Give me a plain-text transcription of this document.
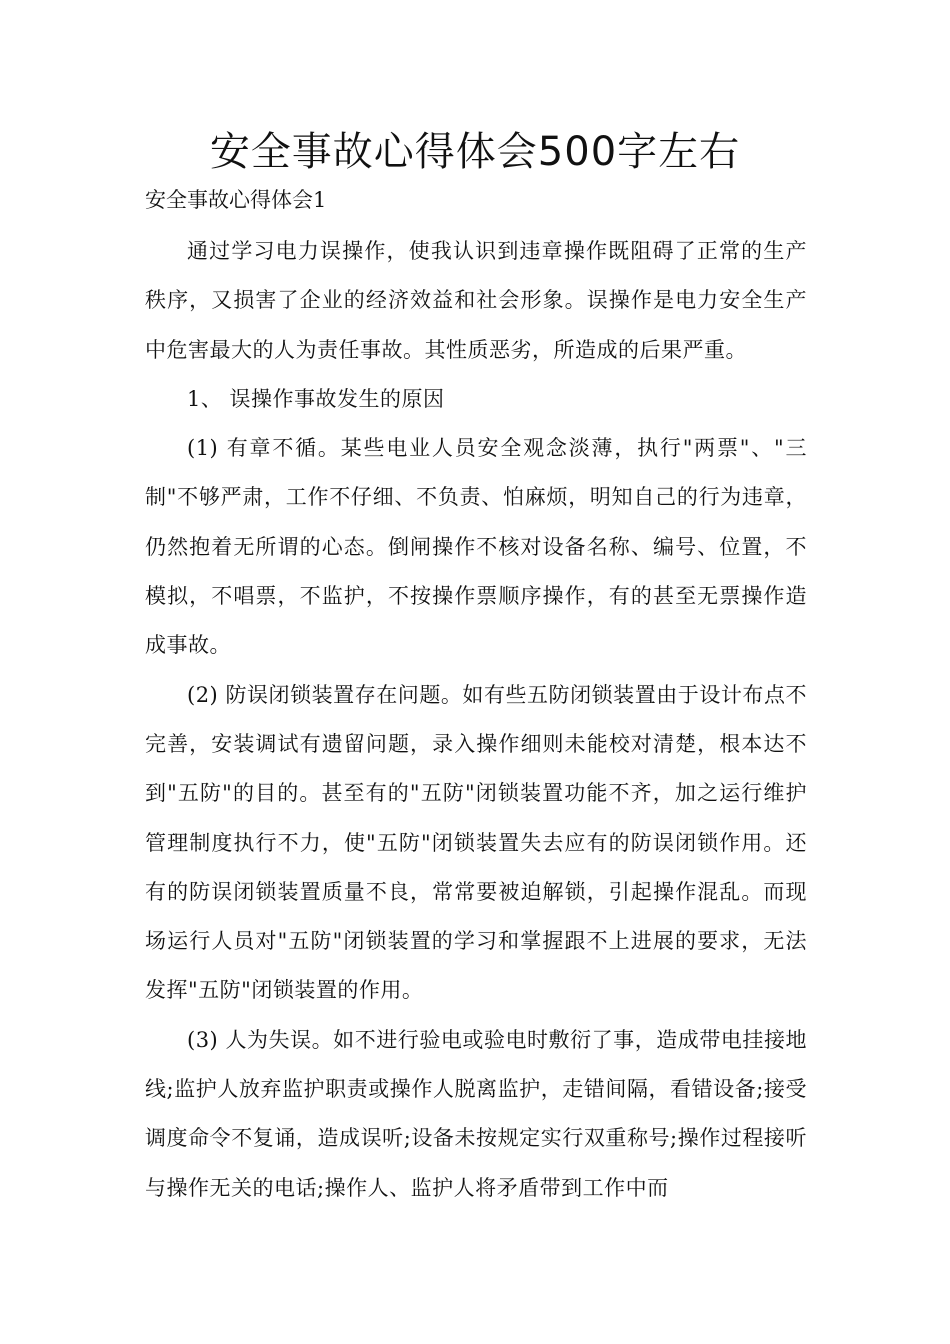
安全事故心得体会500字左右
安全事故心得体会1

通过学习电力误操作，使我认识到违章操作既阻碍了正常的生产秩序，又损害了企业的经济效益和社会形象。误操作是电力安全生产中危害最大的人为责任事故。其性质恶劣，所造成的后果严重。

1、 误操作事故发生的原因

(1) 有章不循。某些电业人员安全观念淡薄，执行"两票"、"三制"不够严肃，工作不仔细、不负责、怕麻烦，明知自己的行为违章，仍然抱着无所谓的心态。倒闸操作不核对设备名称、编号、位置，不模拟，不唱票，不监护，不按操作票顺序操作，有的甚至无票操作造成事故。

(2) 防误闭锁装置存在问题。如有些五防闭锁装置由于设计布点不完善，安装调试有遗留问题，录入操作细则未能校对清楚，根本达不到"五防"的目的。甚至有的"五防"闭锁装置功能不齐，加之运行维护管理制度执行不力，使"五防"闭锁装置失去应有的防误闭锁作用。还有的防误闭锁装置质量不良，常常要被迫解锁，引起操作混乱。而现场运行人员对"五防"闭锁装置的学习和掌握跟不上进展的要求，无法发挥"五防"闭锁装置的作用。

(3) 人为失误。如不进行验电或验电时敷衍了事，造成带电挂接地线;监护人放弃监护职责或操作人脱离监护，走错间隔，看错设备;接受调度命令不复诵，造成误听;设备未按规定实行双重称号;操作过程接听与操作无关的电话;操作人、监护人将矛盾带到工作中而
